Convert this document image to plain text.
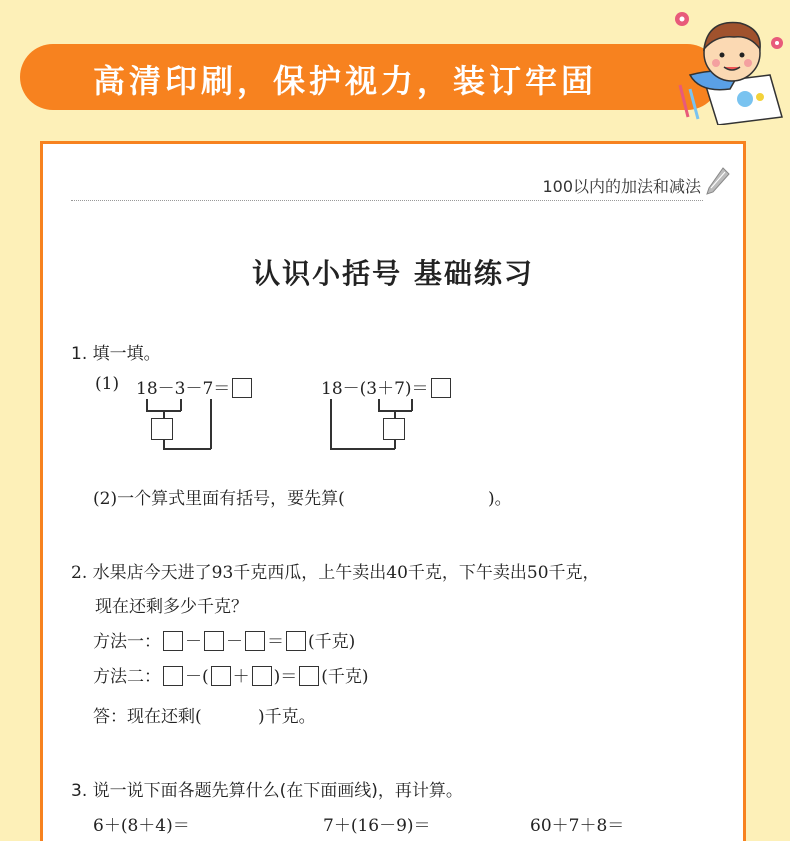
高清印刷，保护视力，装订牢固
100以内的加法和减法
认识小括号 基础练习
1. 填一填。
(1) 18－3－7＝	18－(3＋7)＝
(2)一个算式里面有括号，要先算(	)。
2. 水果店今天进了93千克西瓜，上午卖出40千克，下午卖出50千克，
现在还剩多少千克？
方法一： － － ＝ (千克)
方法二： －( ＋ )＝ (千克)
答：现在还剩(	)千克。
3. 说一说下面各题先算什么(在下面画线)，再计算。
6＋(8＋4)＝	7＋(16－9)＝	60＋7＋8＝
